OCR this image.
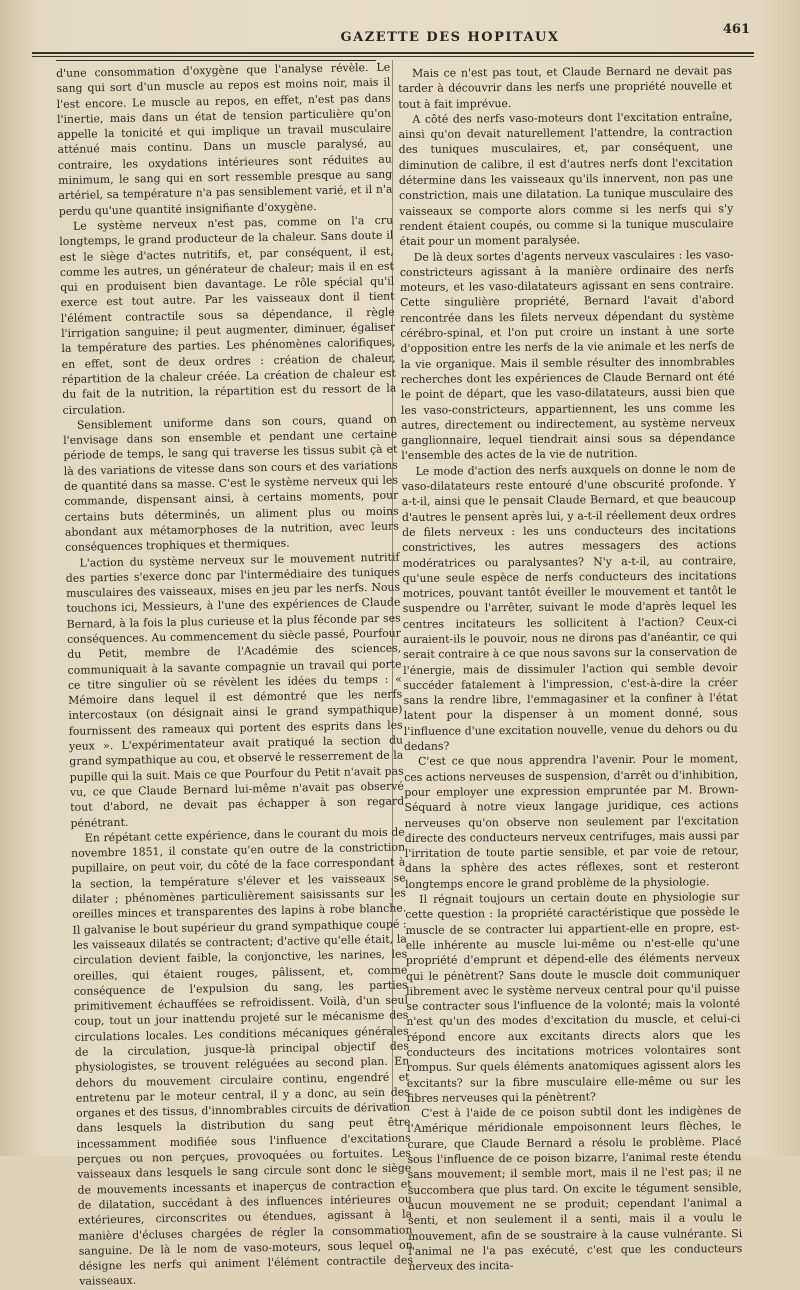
GAZETTE DES HOPITAUX
461

d'une consommation d'oxygène que l'analyse révèle. Le sang qui sort d'un muscle au repos est moins noir, mais il l'est encore. Le muscle au repos, en effet, n'est pas dans l'inertie, mais dans un état de tension particulière qu'on appelle la tonicité et qui implique un travail musculaire atténué mais continu. Dans un muscle paralysé, au contraire, les oxydations intérieures sont réduites au minimum, le sang qui en sort ressemble presque au sang artériel, sa température n'a pas sensiblement varié, et il n'a perdu qu'une quantité insignifiante d'oxygène.

Le système nerveux n'est pas, comme on l'a cru longtemps, le grand producteur de la chaleur. Sans doute il est le siège d'actes nutritifs, et, par conséquent, il est, comme les autres, un générateur de chaleur; mais il en est qui en produisent bien davantage. Le rôle spécial qu'il exerce est tout autre. Par les vaisseaux dont il tient l'élément contractile sous sa dépendance, il règle l'irrigation sanguine; il peut augmenter, diminuer, égaliser la température des parties. Les phénomènes calorifiques, en effet, sont de deux ordres : création de chaleur, répartition de la chaleur créée. La création de chaleur est du fait de la nutrition, la répartition est du ressort de la circulation.

Sensiblement uniforme dans son cours, quand on l'envisage dans son ensemble et pendant une certaine période de temps, le sang qui traverse les tissus subit çà et là des variations de vitesse dans son cours et des variations de quantité dans sa masse. C'est le système nerveux qui les commande, dispensant ainsi, à certains moments, pour certains buts déterminés, un aliment plus ou moins abondant aux métamorphoses de la nutrition, avec leurs conséquences trophiques et thermiques.

L'action du système nerveux sur le mouvement nutritif des parties s'exerce donc par l'intermédiaire des tuniques musculaires des vaisseaux, mises en jeu par les nerfs. Nous touchons ici, Messieurs, à l'une des expériences de Claude Bernard, à la fois la plus curieuse et la plus féconde par ses conséquences. Au commencement du siècle passé, Pourfour du Petit, membre de l'Académie des sciences, communiquait à la savante compagnie un travail qui porte ce titre singulier où se révèlent les idées du temps : « Mémoire dans lequel il est démontré que les nerfs intercostaux (on désignait ainsi le grand sympathique) fournissent des rameaux qui portent des esprits dans les yeux ». L'expérimentateur avait pratiqué la section du grand sympathique au cou, et observé le resserrement de la pupille qui la suit. Mais ce que Pourfour du Petit n'avait pas vu, ce que Claude Bernard lui-même n'avait pas observé tout d'abord, ne devait pas échapper à son regard pénétrant.

En répétant cette expérience, dans le courant du mois de novembre 1851, il constate qu'en outre de la constriction pupillaire, on peut voir, du côté de la face correspondant à la section, la température s'élever et les vaisseaux se dilater ; phénomènes particulièrement saisissants sur les oreilles minces et transparentes des lapins à robe blanche. Il galvanise le bout supérieur du grand sympathique coupé : les vaisseaux dilatés se contractent; d'active qu'elle était, la circulation devient faible, la conjonctive, les narines, les oreilles, qui étaient rouges, pâlissent, et, comme conséquence de l'expulsion du sang, les parties primitivement échauffées se refroidissent. Voilà, d'un seul coup, tout un jour inattendu projeté sur le mécanisme des circulations locales. Les conditions mécaniques générales de la circulation, jusque-là principal objectif des physiologistes, se trouvent reléguées au second plan. En dehors du mouvement circulaire continu, engendré et entretenu par le moteur central, il y a donc, au sein des organes et des tissus, d'innombrables circuits de dérivation dans lesquels la distribution du sang peut être incessamment modifiée sous l'influence d'excitations perçues ou non perçues, provoquées ou fortuites. Les vaisseaux dans lesquels le sang circule sont donc le siège de mouvements incessants et inaperçus de contraction et de dilatation, succédant à des influences intérieures ou extérieures, circonscrites ou étendues, agissant à la manière d'écluses chargées de régler la consommation sanguine. De là le nom de vaso-moteurs, sous lequel on désigne les nerfs qui animent l'élément contractile des vaisseaux.

Mais ce n'est pas tout, et Claude Bernard ne devait pas tarder à découvrir dans les nerfs une propriété nouvelle et tout à fait imprévue.

A côté des nerfs vaso-moteurs dont l'excitation entraîne, ainsi qu'on devait naturellement l'attendre, la contraction des tuniques musculaires, et, par conséquent, une diminution de calibre, il est d'autres nerfs dont l'excitation détermine dans les vaisseaux qu'ils innervent, non pas une constriction, mais une dilatation. La tunique musculaire des vaisseaux se comporte alors comme si les nerfs qui s'y rendent étaient coupés, ou comme si la tunique musculaire était pour un moment paralysée.

De là deux sortes d'agents nerveux vasculaires : les vaso-constricteurs agissant à la manière ordinaire des nerfs moteurs, et les vaso-dilatateurs agissant en sens contraire. Cette singulière propriété, Bernard l'avait d'abord rencontrée dans les filets nerveux dépendant du système cérébro-spinal, et l'on put croire un instant à une sorte d'opposition entre les nerfs de la vie animale et les nerfs de la vie organique. Mais il semble résulter des innombrables recherches dont les expériences de Claude Bernard ont été le point de départ, que les vaso-dilatateurs, aussi bien que les vaso-constricteurs, appartiennent, les uns comme les autres, directement ou indirectement, au système nerveux ganglionnaire, lequel tiendrait ainsi sous sa dépendance l'ensemble des actes de la vie de nutrition.

Le mode d'action des nerfs auxquels on donne le nom de vaso-dilatateurs reste entouré d'une obscurité profonde. Y a-t-il, ainsi que le pensait Claude Bernard, et que beaucoup d'autres le pensent après lui, y a-t-il réellement deux ordres de filets nerveux : les uns conducteurs des incitations constrictives, les autres messagers des actions modératrices ou paralysantes? N'y a-t-il, au contraire, qu'une seule espèce de nerfs conducteurs des incitations motrices, pouvant tantôt éveiller le mouvement et tantôt le suspendre ou l'arrêter, suivant le mode d'après lequel les centres incitateurs les sollicitent à l'action? Ceux-ci auraient-ils le pouvoir, nous ne dirons pas d'anéantir, ce qui serait contraire à ce que nous savons sur la conservation de l'énergie, mais de dissimuler l'action qui semble devoir succéder fatalement à l'impression, c'est-à-dire la créer sans la rendre libre, l'emmagasiner et la confiner à l'état latent pour la dispenser à un moment donné, sous l'influence d'une excitation nouvelle, venue du dehors ou du dedans?

C'est ce que nous apprendra l'avenir. Pour le moment, ces actions nerveuses de suspension, d'arrêt ou d'inhibition, pour employer une expression empruntée par M. Brown-Séquard à notre vieux langage juridique, ces actions nerveuses qu'on observe non seulement par l'excitation directe des conducteurs nerveux centrifuges, mais aussi par l'irritation de toute partie sensible, et par voie de retour, dans la sphère des actes réflexes, sont et resteront longtemps encore le grand problème de la physiologie.

Il régnait toujours un certain doute en physiologie sur cette question : la propriété caractéristique que possède le muscle de se contracter lui appartient-elle en propre, est-elle inhérente au muscle lui-même ou n'est-elle qu'une propriété d'emprunt et dépend-elle des éléments nerveux qui le pénètrent? Sans doute le muscle doit communiquer librement avec le système nerveux central pour qu'il puisse se contracter sous l'influence de la volonté; mais la volonté n'est qu'un des modes d'excitation du muscle, et celui-ci répond encore aux excitants directs alors que les conducteurs des incitations motrices volontaires sont rompus. Sur quels éléments anatomiques agissent alors les excitants? sur la fibre musculaire elle-même ou sur les fibres nerveuses qui la pénètrent?

C'est à l'aide de ce poison subtil dont les indigènes de l'Amérique méridionale empoisonnent leurs flèches, le curare, que Claude Bernard a résolu le problème. Placé sous l'influence de ce poison bizarre, l'animal reste étendu sans mouvement; il semble mort, mais il ne l'est pas; il ne succombera que plus tard. On excite le tégument sensible, aucun mouvement ne se produit; cependant l'animal a senti, et non seulement il a senti, mais il a voulu le mouvement, afin de se soustraire à la cause vulnérante. Si l'animal ne l'a pas exécuté, c'est que les conducteurs nerveux des incita-
